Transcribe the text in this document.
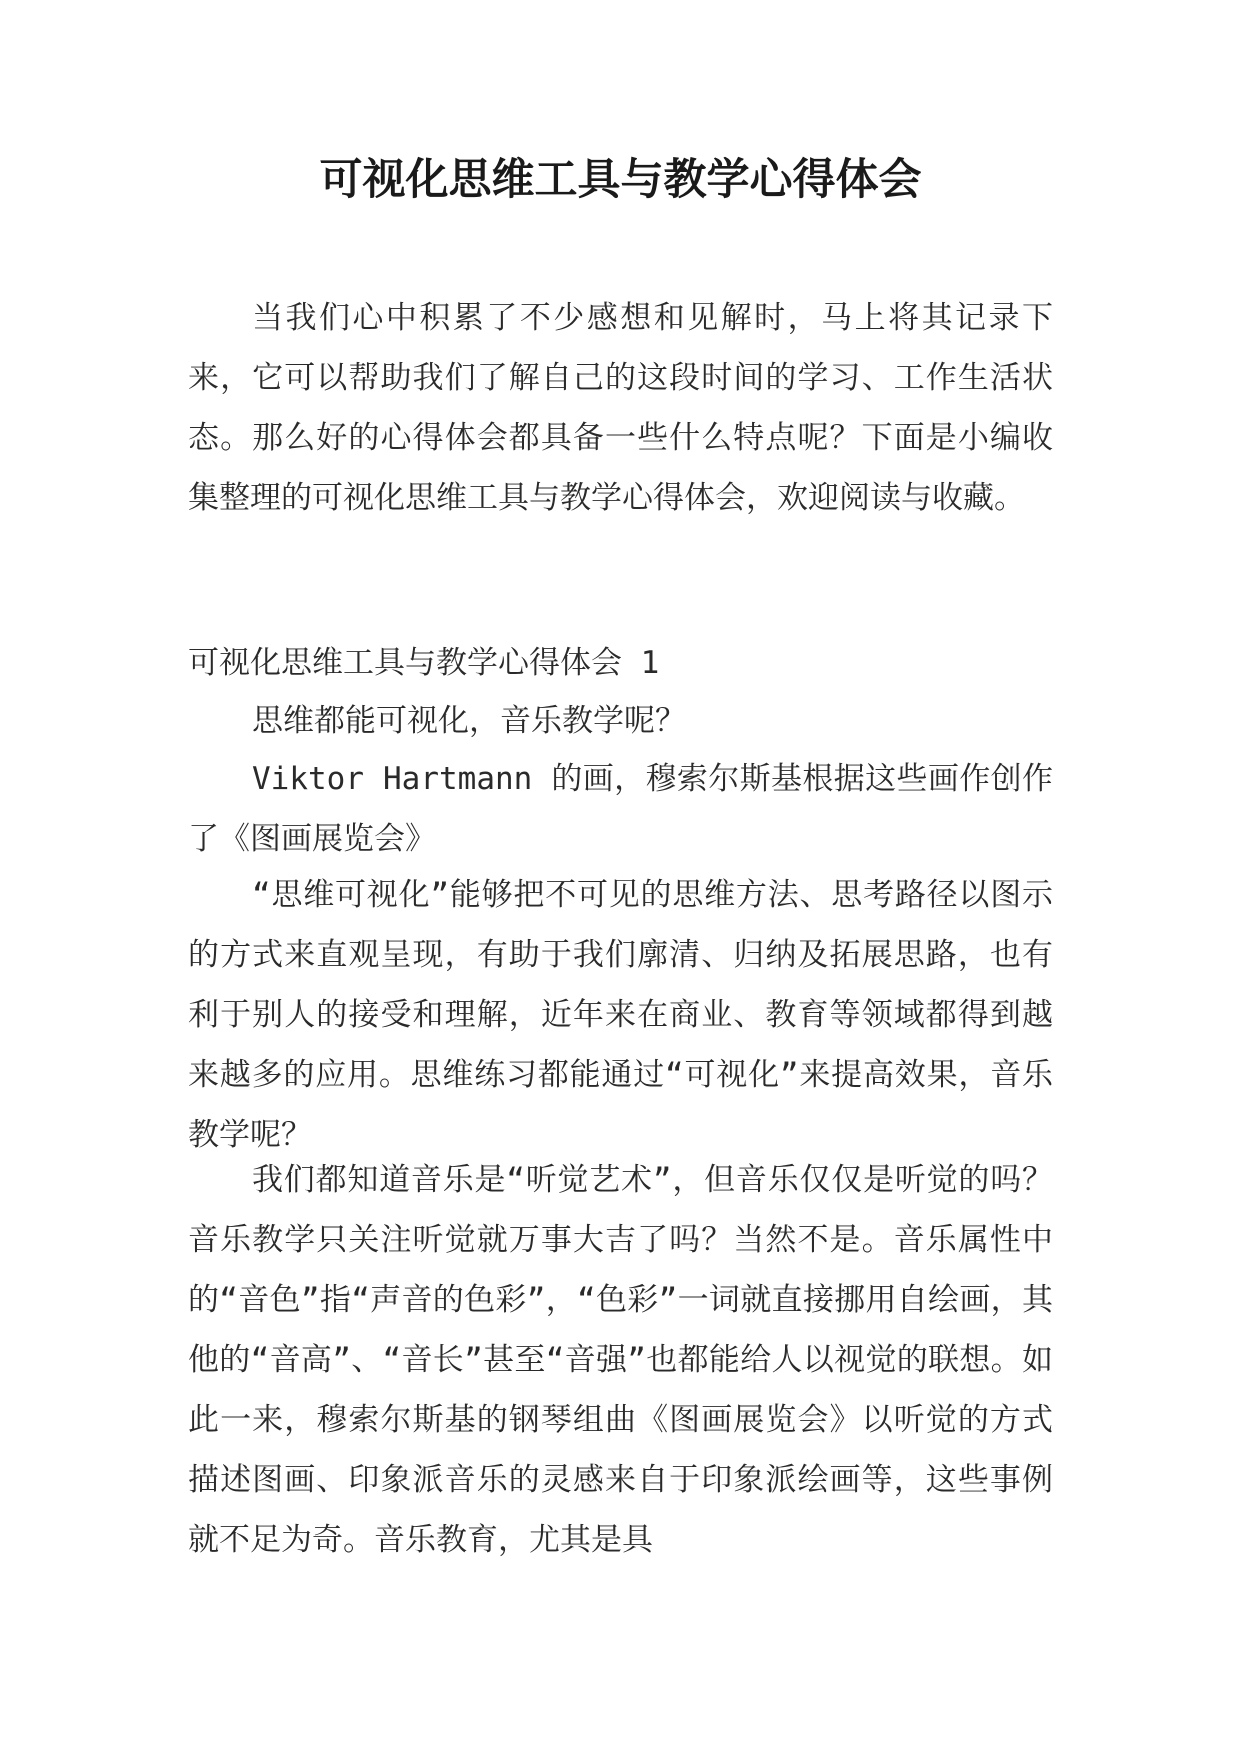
可视化思维工具与教学心得体会

当我们心中积累了不少感想和见解时，马上将其记录下来，它可以帮助我们了解自己的这段时间的学习、工作生活状态。那么好的心得体会都具备一些什么特点呢？下面是小编收集整理的可视化思维工具与教学心得体会，欢迎阅读与收藏。

可视化思维工具与教学心得体会 1

思维都能可视化，音乐教学呢？

Viktor Hartmann 的画，穆索尔斯基根据这些画作创作了《图画展览会》

“思维可视化”能够把不可见的思维方法、思考路径以图示的方式来直观呈现，有助于我们廓清、归纳及拓展思路，也有利于别人的接受和理解，近年来在商业、教育等领域都得到越来越多的应用。思维练习都能通过“可视化”来提高效果，音乐教学呢？

我们都知道音乐是“听觉艺术”，但音乐仅仅是听觉的吗？音乐教学只关注听觉就万事大吉了吗？当然不是。音乐属性中的“音色”指“声音的色彩”，“色彩”一词就直接挪用自绘画，其他的“音高”、“音长”甚至“音强”也都能给人以视觉的联想。如此一来，穆索尔斯基的钢琴组曲《图画展览会》以听觉的方式描述图画、印象派音乐的灵感来自于印象派绘画等，这些事例就不足为奇。音乐教育，尤其是具
